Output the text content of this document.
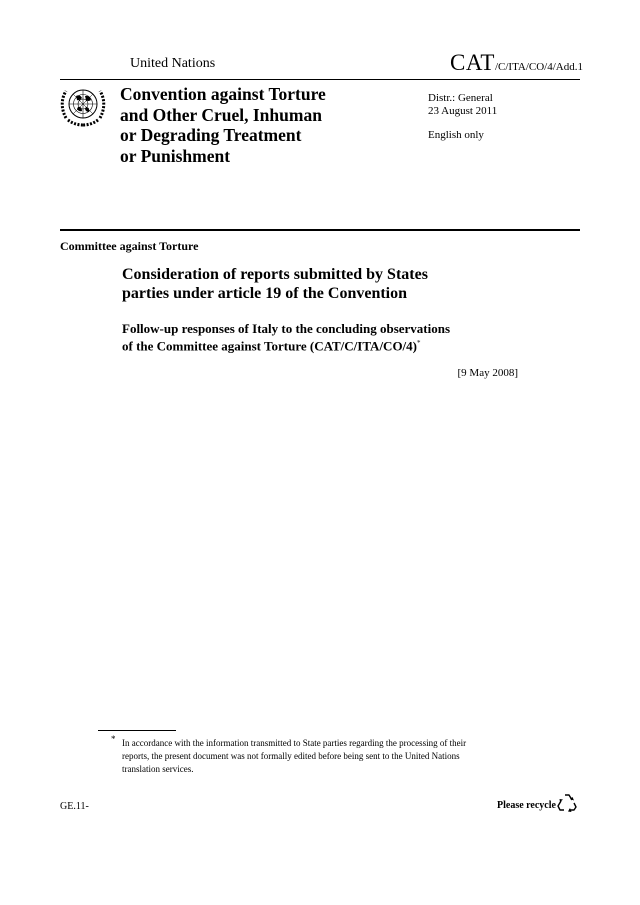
United Nations	CAT/C/ITA/CO/4/Add.1
Convention against Torture
and Other Cruel, Inhuman
or Degrading Treatment
or Punishment
Distr.: General
23 August 2011
English only
Committee against Torture
Consideration of reports submitted by States
parties under article 19 of the Convention
Follow-up responses of Italy to the concluding observations
of the Committee against Torture (CAT/C/ITA/CO/4)*
[9 May 2008]
* In accordance with the information transmitted to State parties regarding the processing of their
reports, the present document was not formally edited before being sent to the United Nations
translation services.
GE.11-	Please recycle
